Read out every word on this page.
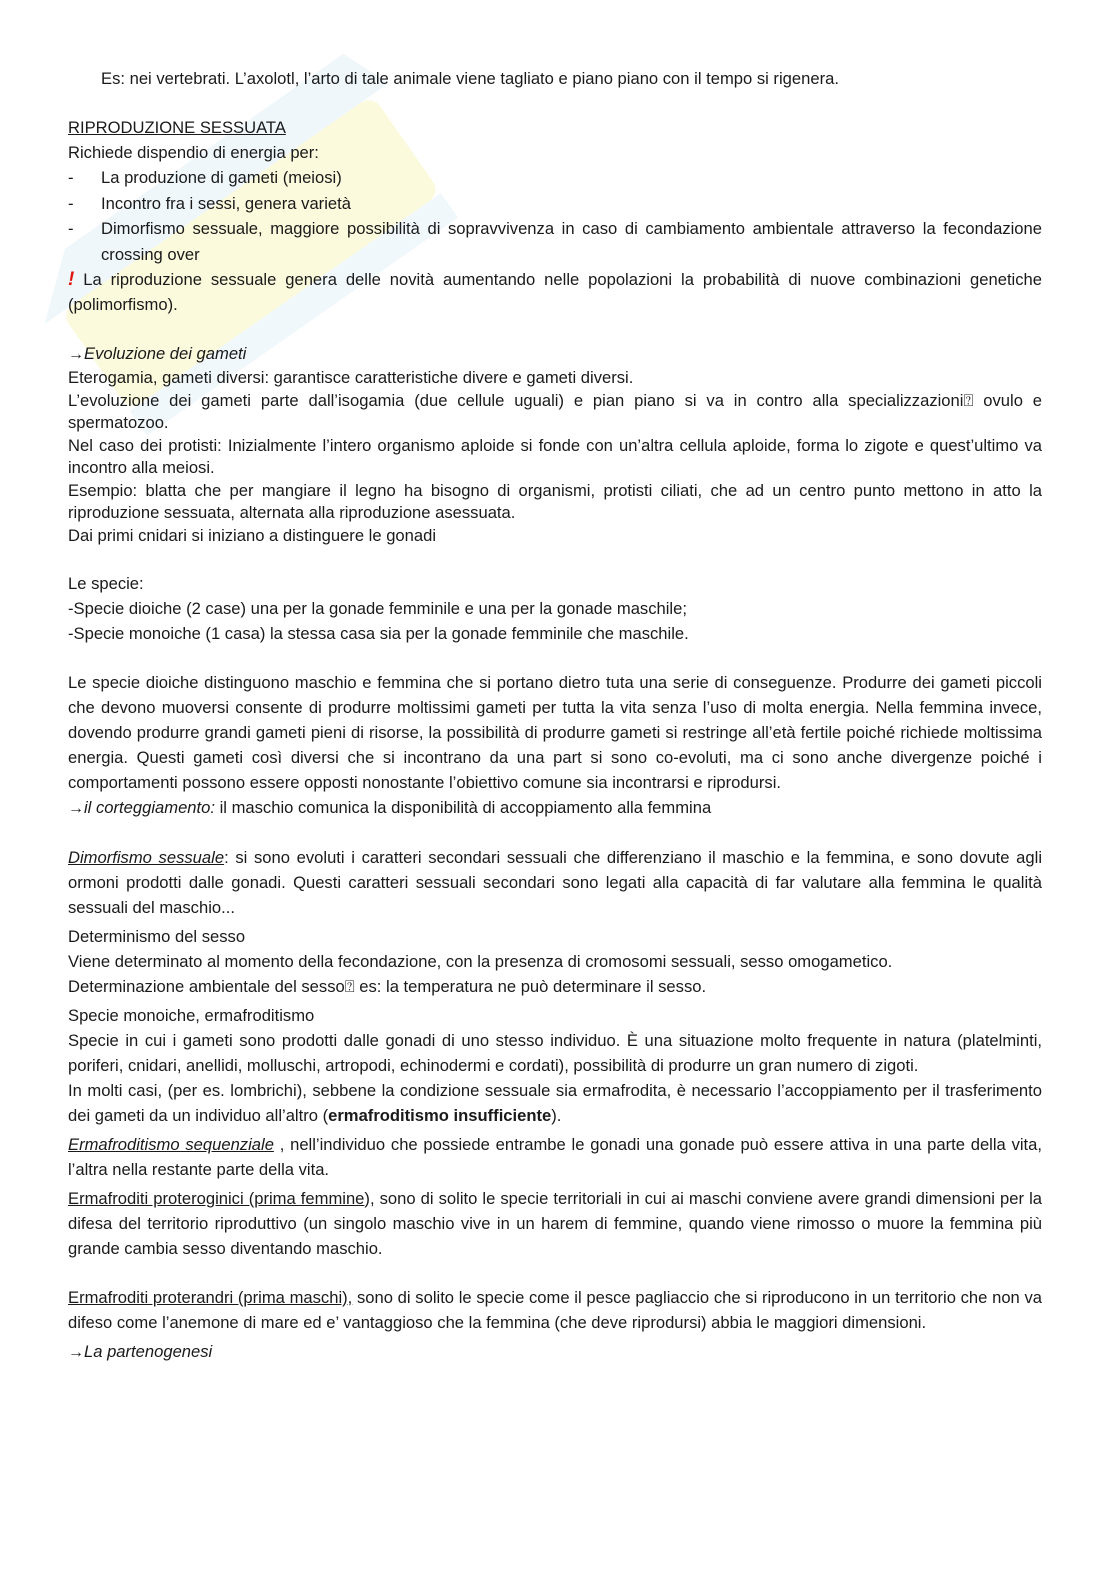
Es: nei vertebrati. L’axolotl, l’arto di tale animale viene tagliato e piano piano con il tempo si rigenera.

RIPRODUZIONE SESSUATA

Richiede dispendio di energia per:

- La produzione di gameti (meiosi)
- Incontro fra i sessi, genera varietà
- Dimorfismo sessuale, maggiore possibilità di sopravvivenza in caso di cambiamento ambientale attraverso la fecondazione crossing over

! La riproduzione sessuale genera delle novità aumentando nelle popolazioni la probabilità di nuove combinazioni genetiche (polimorfismo).

→Evoluzione dei gameti

Eterogamia, gameti diversi: garantisce caratteristiche divere e gameti diversi.

L’evoluzione dei gameti parte dall’isogamia (due cellule uguali) e pian piano si va in contro alla specializzazioni⍰ ovulo e spermatozoo.

Nel caso dei protisti: Inizialmente l’intero organismo aploide si fonde con un’altra cellula aploide, forma lo zigote e quest’ultimo va incontro alla meiosi.

Esempio: blatta che per mangiare il legno ha bisogno di organismi, protisti ciliati, che ad un centro punto mettono in atto la riproduzione sessuata, alternata alla riproduzione asessuata.

Dai primi cnidari si iniziano a distinguere le gonadi

Le specie:

-Specie dioiche (2 case) una per la gonade femminile e una per la gonade maschile;

-Specie monoiche (1 casa) la stessa casa sia per la gonade femminile che maschile.

Le specie dioiche distinguono maschio e femmina che si portano dietro tuta una serie di conseguenze. Produrre dei gameti piccoli che devono muoversi consente di produrre moltissimi gameti per tutta la vita senza l’uso di molta energia. Nella femmina invece, dovendo produrre grandi gameti pieni di risorse, la possibilità di produrre gameti si restringe all’età fertile poiché richiede moltissima energia. Questi gameti così diversi che si incontrano da una part si sono co-evoluti, ma ci sono anche divergenze poiché i comportamenti possono essere opposti nonostante l’obiettivo comune sia incontrarsi e riprodursi.

→il corteggiamento: il maschio comunica la disponibilità di accoppiamento alla femmina

Dimorfismo sessuale: si sono evoluti i caratteri secondari sessuali che differenziano il maschio e la femmina, e sono dovute agli ormoni prodotti dalle gonadi. Questi caratteri sessuali secondari sono legati alla capacità di far valutare alla femmina le qualità sessuali del maschio...

Determinismo del sesso

Viene determinato al momento della fecondazione, con la presenza di cromosomi sessuali, sesso omogametico.

Determinazione ambientale del sesso⍰ es: la temperatura ne può determinare il sesso.

Specie monoiche, ermafroditismo

Specie in cui i gameti sono prodotti dalle gonadi di uno stesso individuo. È una situazione molto frequente in natura (platelminti, poriferi, cnidari, anellidi, molluschi, artropodi, echinodermi e cordati), possibilità di produrre un gran numero di zigoti.

In molti casi, (per es. lombrichi), sebbene la condizione sessuale sia ermafrodita, è necessario l’accoppiamento per il trasferimento dei gameti da un individuo all’altro (ermafroditismo insufficiente).

Ermafroditismo sequenziale , nell’individuo che possiede entrambe le gonadi una gonade può essere attiva in una parte della vita, l’altra nella restante parte della vita.

Ermafroditi proteroginici (prima femmine), sono di solito le specie territoriali in cui ai maschi conviene avere grandi dimensioni per la difesa del territorio riproduttivo (un singolo maschio vive in un harem di femmine, quando viene rimosso o muore la femmina più grande cambia sesso diventando maschio.

Ermafroditi proterandri (prima maschi), sono di solito le specie come il pesce pagliaccio che si riproducono in un territorio che non va difeso come l’anemone di mare ed e’ vantaggioso che la femmina (che deve riprodursi) abbia le maggiori dimensioni.

→La partenogenesi
